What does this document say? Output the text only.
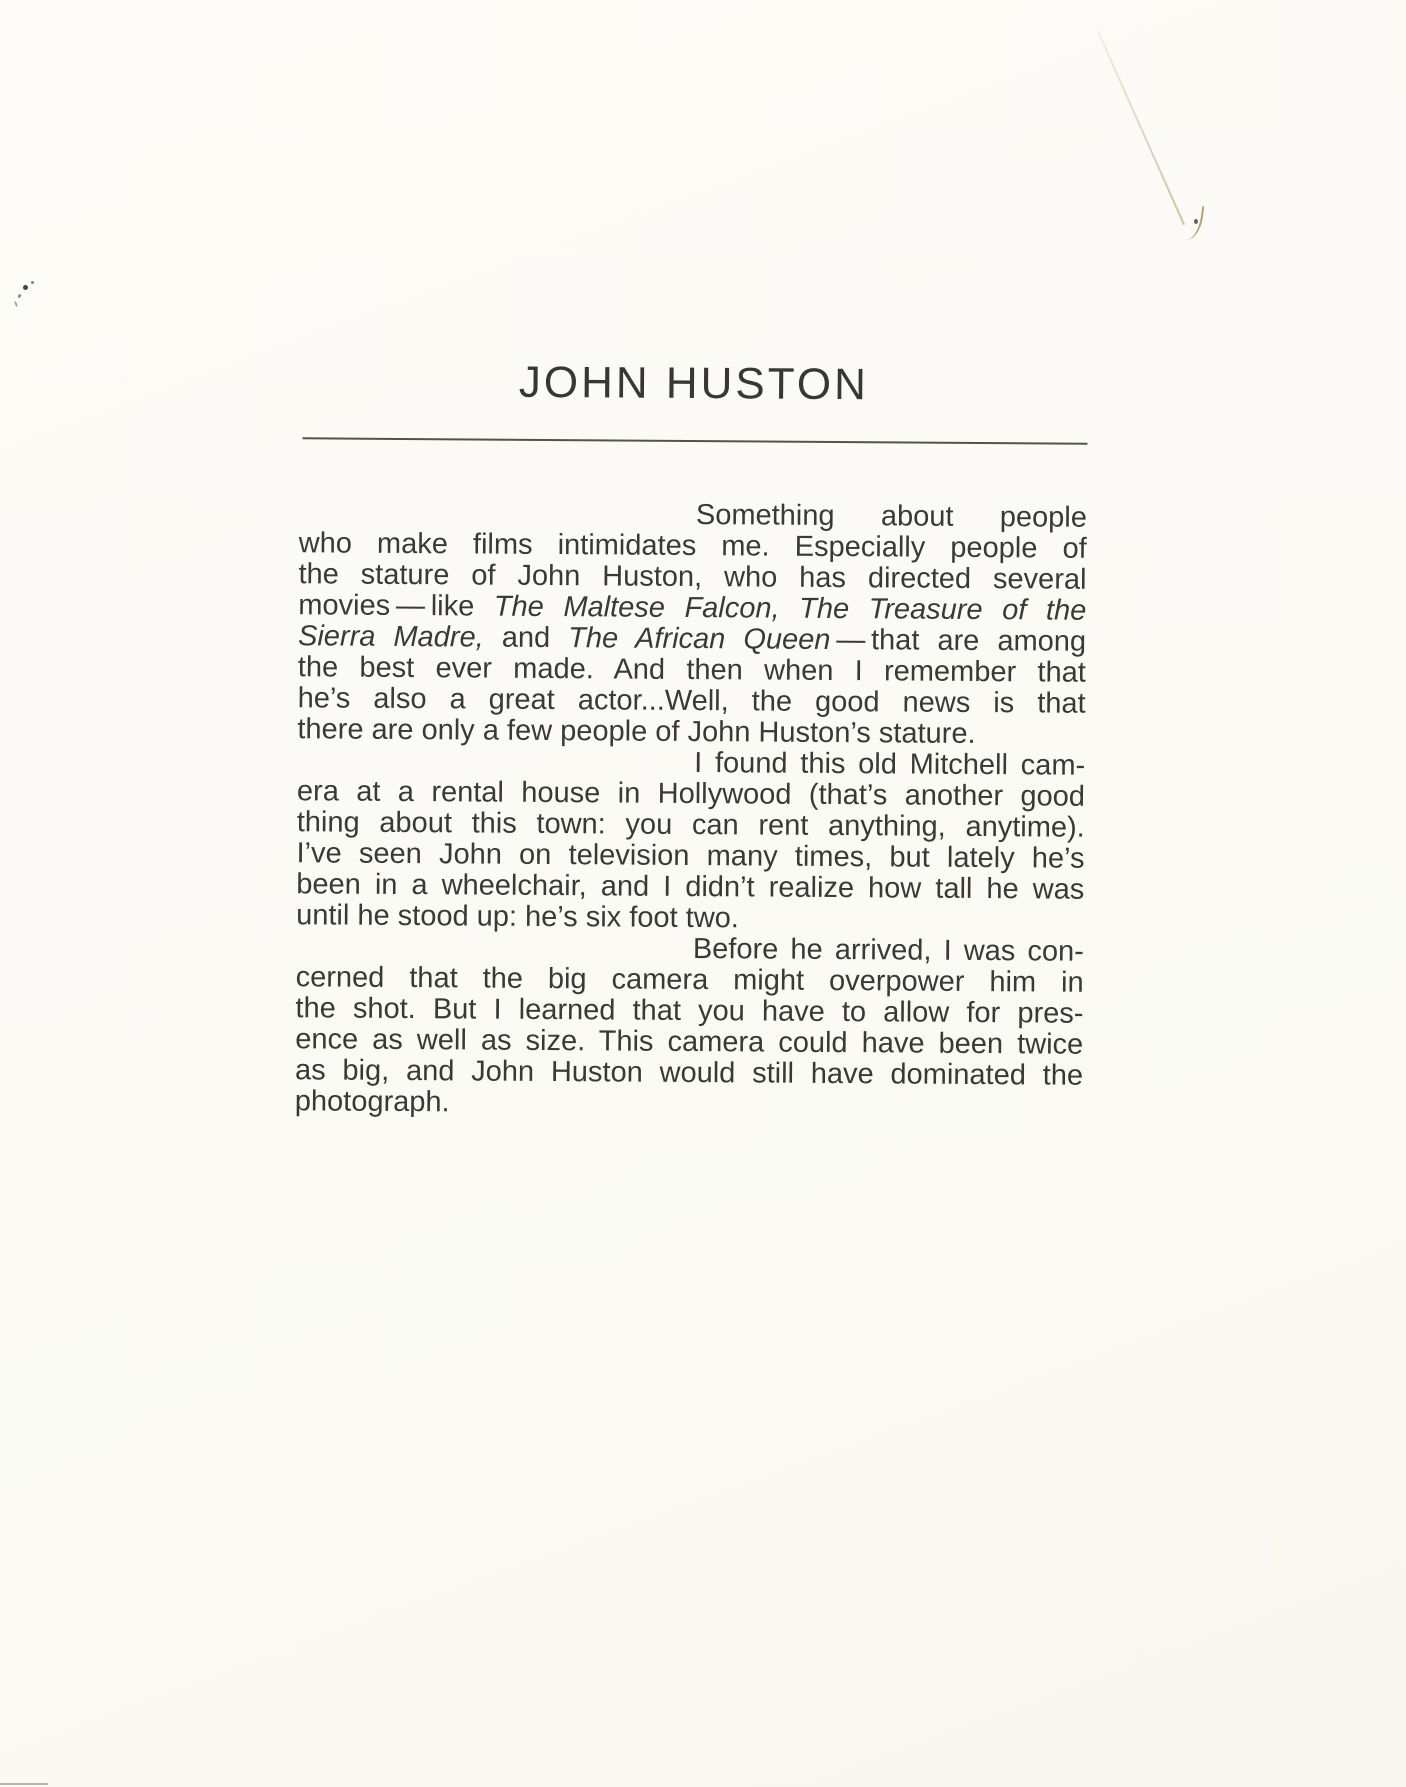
JOHN HUSTON
Something about people
who make films intimidates me. Especially people of
the stature of John Huston, who has directed several
movies — like The Maltese Falcon, The Treasure of the
Sierra Madre, and The African Queen — that are among
the best ever made. And then when I remember that
he’s also a great actor...Well, the good news is that
there are only a few people of John Huston’s stature.
I found this old Mitchell cam-
era at a rental house in Hollywood (that’s another good
thing about this town: you can rent anything, anytime).
I’ve seen John on television many times, but lately he’s
been in a wheelchair, and I didn’t realize how tall he was
until he stood up: he’s six foot two.
Before he arrived, I was con-
cerned that the big camera might overpower him in
the shot. But I learned that you have to allow for pres-
ence as well as size. This camera could have been twice
as big, and John Huston would still have dominated the
photograph.
